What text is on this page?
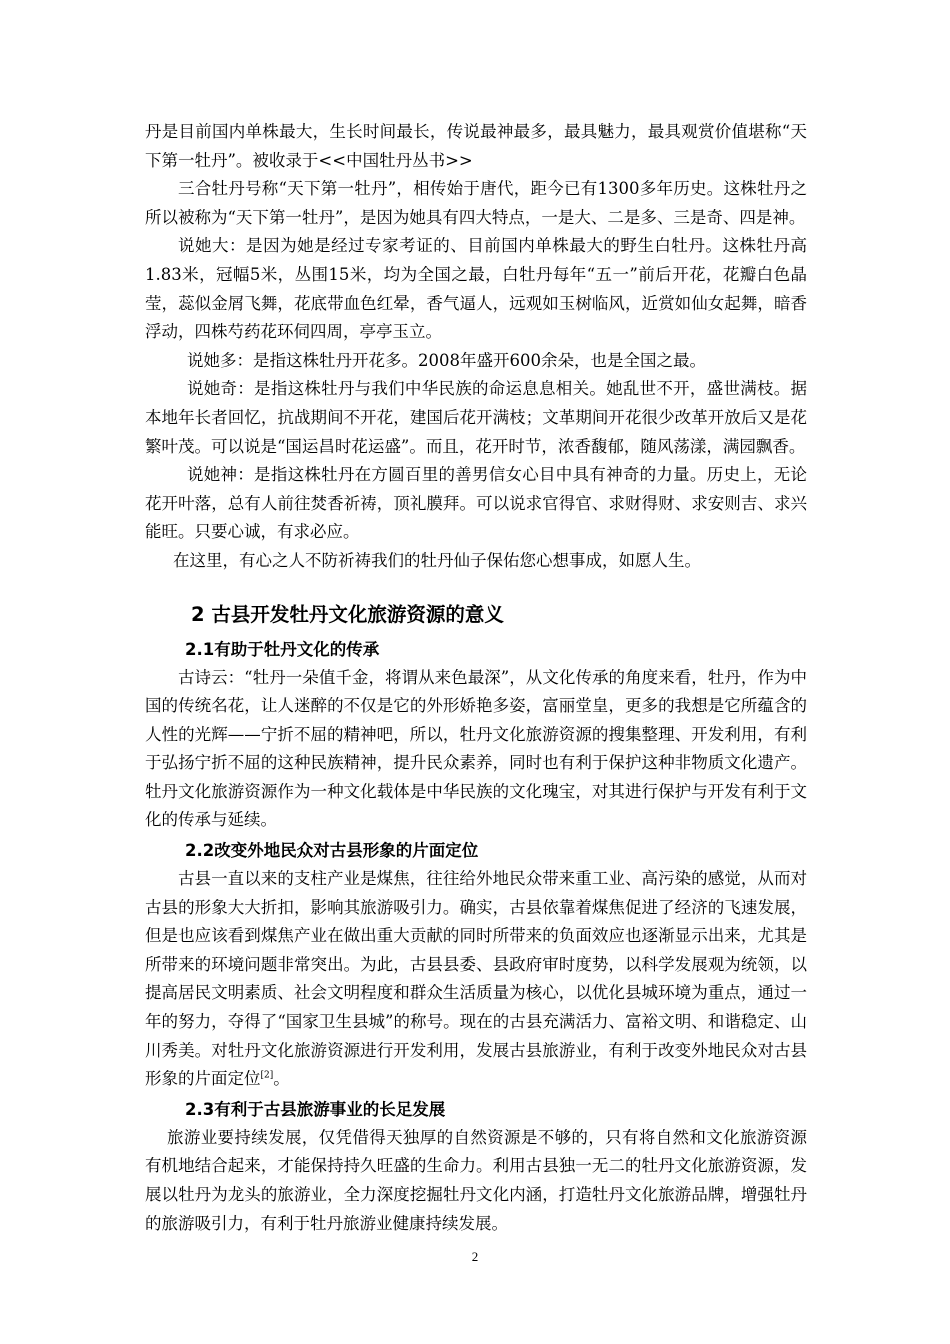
丹是目前国内单株最大，生长时间最长，传说最神最多，最具魅力，最具观赏价值堪称“天下第一牡丹”。被收录于<<中国牡丹丛书>>

三合牡丹号称“天下第一牡丹”，相传始于唐代，距今已有1300多年历史。这株牡丹之所以被称为“天下第一牡丹”，是因为她具有四大特点，一是大、二是多、三是奇、四是神。

说她大：是因为她是经过专家考证的、目前国内单株最大的野生白牡丹。这株牡丹高1.83米，冠幅5米，丛围15米，均为全国之最，白牡丹每年“五一”前后开花，花瓣白色晶莹，蕊似金屑飞舞，花底带血色红晕，香气逼人，远观如玉树临风，近赏如仙女起舞，暗香浮动，四株芍药花环伺四周，亭亭玉立。

说她多：是指这株牡丹开花多。2008年盛开600余朵，也是全国之最。

说她奇：是指这株牡丹与我们中华民族的命运息息相关。她乱世不开，盛世满枝。据本地年长者回忆，抗战期间不开花，建国后花开满枝；文革期间开花很少改革开放后又是花繁叶茂。可以说是“国运昌时花运盛”。而且，花开时节，浓香馥郁，随风荡漾，满园飘香。

说她神：是指这株牡丹在方圆百里的善男信女心目中具有神奇的力量。历史上，无论花开叶落，总有人前往焚香祈祷，顶礼膜拜。可以说求官得官、求财得财、求安则吉、求兴能旺。只要心诚，有求必应。

在这里，有心之人不防祈祷我们的牡丹仙子保佑您心想事成，如愿人生。

2 古县开发牡丹文化旅游资源的意义
2.1有助于牡丹文化的传承

古诗云：“牡丹一朵值千金，将谓从来色最深”，从文化传承的角度来看，牡丹，作为中国的传统名花，让人迷醉的不仅是它的外形娇艳多姿，富丽堂皇，更多的我想是它所蕴含的人性的光辉——宁折不屈的精神吧，所以，牡丹文化旅游资源的搜集整理、开发利用，有利于弘扬宁折不屈的这种民族精神，提升民众素养，同时也有利于保护这种非物质文化遗产。牡丹文化旅游资源作为一种文化载体是中华民族的文化瑰宝，对其进行保护与开发有利于文化的传承与延续。

2.2改变外地民众对古县形象的片面定位

古县一直以来的支柱产业是煤焦，往往给外地民众带来重工业、高污染的感觉，从而对古县的形象大大折扣，影响其旅游吸引力。确实，古县依靠着煤焦促进了经济的飞速发展，但是也应该看到煤焦产业在做出重大贡献的同时所带来的负面效应也逐渐显示出来，尤其是所带来的环境问题非常突出。为此，古县县委、县政府审时度势，以科学发展观为统领，以提高居民文明素质、社会文明程度和群众生活质量为核心，以优化县城环境为重点，通过一年的努力，夺得了“国家卫生县城”的称号。现在的古县充满活力、富裕文明、和谐稳定、山川秀美。对牡丹文化旅游资源进行开发利用，发展古县旅游业，有利于改变外地民众对古县形象的片面定位[2]。

2.3有利于古县旅游事业的长足发展

旅游业要持续发展，仅凭借得天独厚的自然资源是不够的，只有将自然和文化旅游资源有机地结合起来，才能保持持久旺盛的生命力。利用古县独一无二的牡丹文化旅游资源，发展以牡丹为龙头的旅游业，全力深度挖掘牡丹文化内涵，打造牡丹文化旅游品牌，增强牡丹的旅游吸引力，有利于牡丹旅游业健康持续发展。

2
